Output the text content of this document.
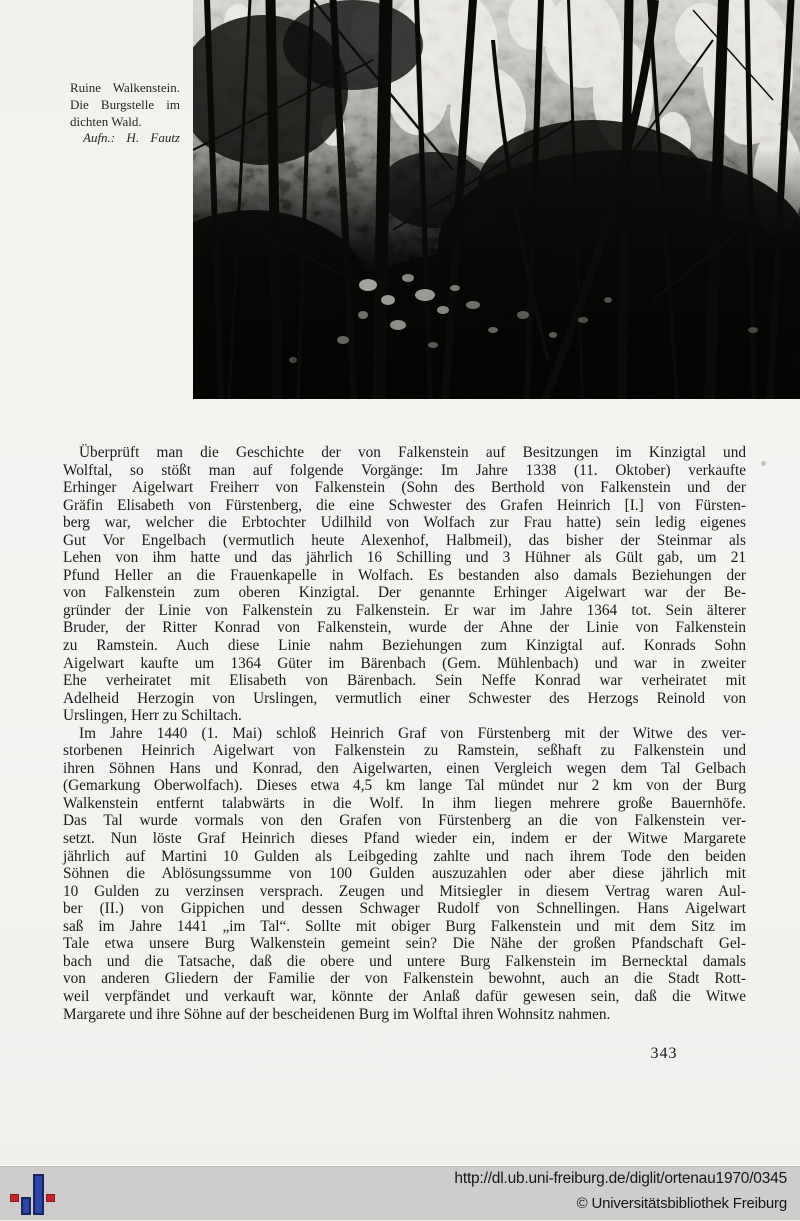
Ruine Walkenstein.
Die Burgstelle im
dichten Wald.
Aufn.: H. Fautz
Überprüft man die Geschichte der von Falkenstein auf Besitzungen im Kinzigtal und
Wolftal, so stößt man auf folgende Vorgänge: Im Jahre 1338 (11. Oktober) verkaufte
Erhinger Aigelwart Freiherr von Falkenstein (Sohn des Berthold von Falkenstein und der
Gräfin Elisabeth von Fürstenberg, die eine Schwester des Grafen Heinrich [I.] von Fürsten-
berg war, welcher die Erbtochter Udilhild von Wolfach zur Frau hatte) sein ledig eigenes
Gut Vor Engelbach (vermutlich heute Alexenhof, Halbmeil), das bisher der Steinmar als
Lehen von ihm hatte und das jährlich 16 Schilling und 3 Hühner als Gült gab, um 21
Pfund Heller an die Frauenkapelle in Wolfach. Es bestanden also damals Beziehungen der
von Falkenstein zum oberen Kinzigtal. Der genannte Erhinger Aigelwart war der Be-
gründer der Linie von Falkenstein zu Falkenstein. Er war im Jahre 1364 tot. Sein älterer
Bruder, der Ritter Konrad von Falkenstein, wurde der Ahne der Linie von Falkenstein
zu Ramstein. Auch diese Linie nahm Beziehungen zum Kinzigtal auf. Konrads Sohn
Aigelwart kaufte um 1364 Güter im Bärenbach (Gem. Mühlenbach) und war in zweiter
Ehe verheiratet mit Elisabeth von Bärenbach. Sein Neffe Konrad war verheiratet mit
Adelheid Herzogin von Urslingen, vermutlich einer Schwester des Herzogs Reinold von
Urslingen, Herr zu Schiltach.
Im Jahre 1440 (1. Mai) schloß Heinrich Graf von Fürstenberg mit der Witwe des ver-
storbenen Heinrich Aigelwart von Falkenstein zu Ramstein, seßhaft zu Falkenstein und
ihren Söhnen Hans und Konrad, den Aigelwarten, einen Vergleich wegen dem Tal Gelbach
(Gemarkung Oberwolfach). Dieses etwa 4,5 km lange Tal mündet nur 2 km von der Burg
Walkenstein entfernt talabwärts in die Wolf. In ihm liegen mehrere große Bauernhöfe.
Das Tal wurde vormals von den Grafen von Fürstenberg an die von Falkenstein ver-
setzt. Nun löste Graf Heinrich dieses Pfand wieder ein, indem er der Witwe Margarete
jährlich auf Martini 10 Gulden als Leibgeding zahlte und nach ihrem Tode den beiden
Söhnen die Ablösungssumme von 100 Gulden auszuzahlen oder aber diese jährlich mit
10 Gulden zu verzinsen versprach. Zeugen und Mitsiegler in diesem Vertrag waren Aul-
ber (II.) von Gippichen und dessen Schwager Rudolf von Schnellingen. Hans Aigelwart
saß im Jahre 1441 „im Tal“. Sollte mit obiger Burg Falkenstein und mit dem Sitz im
Tale etwa unsere Burg Walkenstein gemeint sein? Die Nähe der großen Pfandschaft Gel-
bach und die Tatsache, daß die obere und untere Burg Falkenstein im Bernecktal damals
von anderen Gliedern der Familie der von Falkenstein bewohnt, auch an die Stadt Rott-
weil verpfändet und verkauft war, könnte der Anlaß dafür gewesen sein, daß die Witwe
Margarete und ihre Söhne auf der bescheidenen Burg im Wolftal ihren Wohnsitz nahmen.
343
http://dl.ub.uni-freiburg.de/diglit/ortenau1970/0345
© Universitätsbibliothek Freiburg
